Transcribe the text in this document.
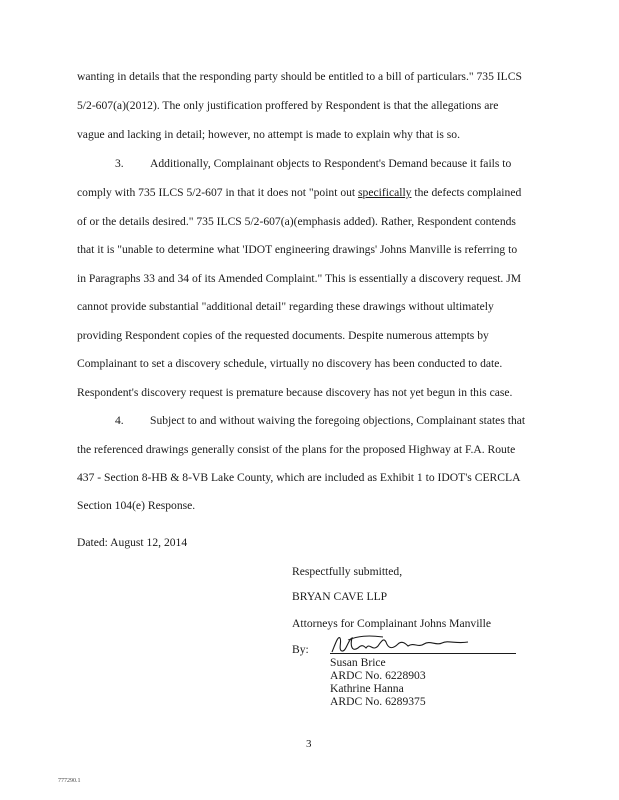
wanting in details that the responding party should be entitled to a bill of particulars." 735 ILCS
5/2-607(a)(2012). The only justification proffered by Respondent is that the allegations are
vague and lacking in detail; however, no attempt is made to explain why that is so.
3. Additionally, Complainant objects to Respondent's Demand because it fails to
comply with 735 ILCS 5/2-607 in that it does not "point out specifically the defects complained
of or the details desired." 735 ILCS 5/2-607(a)(emphasis added). Rather, Respondent contends
that it is "unable to determine what 'IDOT engineering drawings' Johns Manville is referring to
in Paragraphs 33 and 34 of its Amended Complaint." This is essentially a discovery request. JM
cannot provide substantial "additional detail" regarding these drawings without ultimately
providing Respondent copies of the requested documents. Despite numerous attempts by
Complainant to set a discovery schedule, virtually no discovery has been conducted to date.
Respondent's discovery request is premature because discovery has not yet begun in this case.
4. Subject to and without waiving the foregoing objections, Complainant states that
the referenced drawings generally consist of the plans for the proposed Highway at F.A. Route
437 - Section 8-HB & 8-VB Lake County, which are included as Exhibit 1 to IDOT's CERCLA
Section 104(e) Response.
Dated: August 12, 2014
Respectfully submitted,
BRYAN CAVE LLP
Attorneys for Complainant Johns Manville
By:
Susan Brice
ARDC No. 6228903
Kathrine Hanna
ARDC No. 6289375
3
777290.1
